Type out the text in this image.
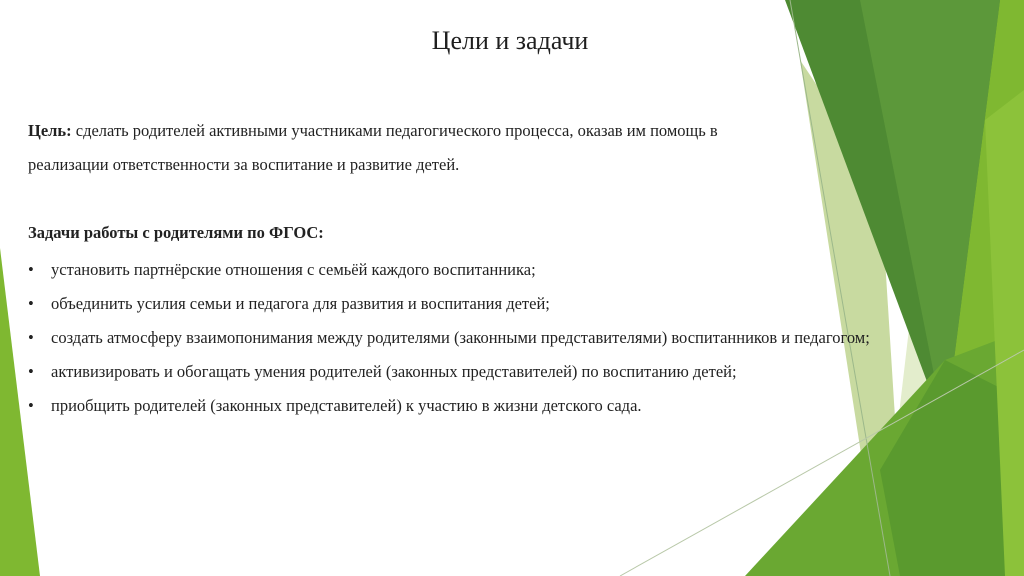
Цели и задачи

Цель: сделать родителей активными участниками педагогического процесса, оказав им помощь в
реализации ответственности за воспитание и развитие детей.

Задачи работы с родителями по ФГОС:

• установить партнёрские отношения с семьёй каждого воспитанника;
• объединить усилия семьи и педагога для развития и воспитания детей;
• создать атмосферу взаимопонимания между родителями (законными представителями) воспитанников и педагогом;
• активизировать и обогащать умения родителей (законных представителей) по воспитанию детей;
• приобщить родителей (законных представителей) к участию в жизни детского сада.
